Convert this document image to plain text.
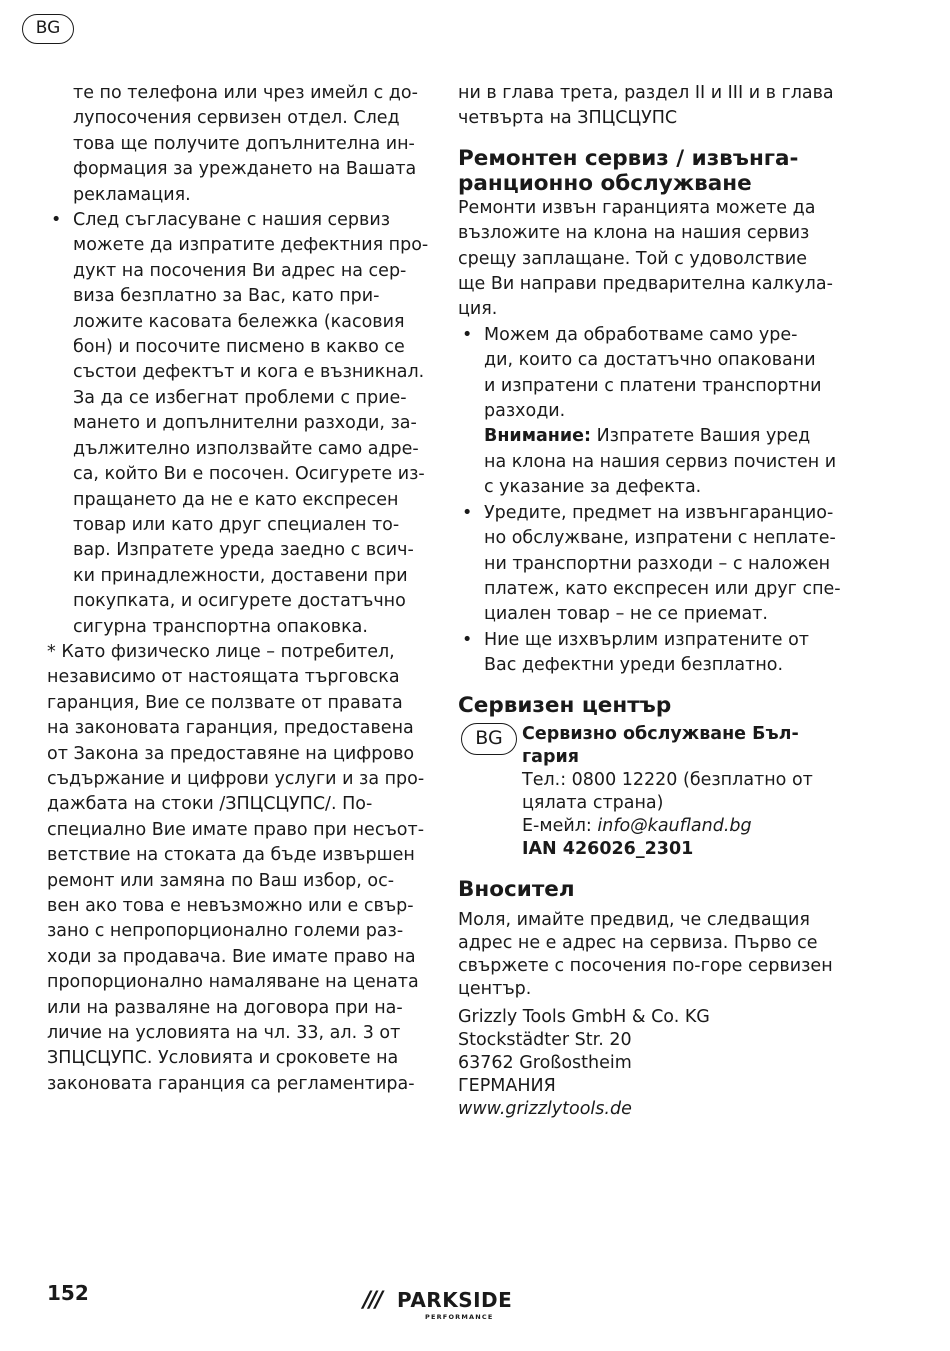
BG

те по телефона или чрез имейл с до-

лупосочения сервизен отдел. След

това ще получите допълнителна ин-

формация за уреждането на Вашата

рекламация.

• След съгласуване с нашия сервиз

можете да изпратите дефектния про-

дукт на посочения Ви адрес на сер-

виза безплатно за Вас, като при-

ложите касовата бележка (касовия

бон) и посочите писмено в какво се

състои дефектът и кога е възникнал.

За да се избегнат проблеми с прие-

мането и допълнителни разходи, за-

дължително използвайте само адре-

са, който Ви е посочен. Осигурете из-

пращането да не е като експресен

товар или като друг специален то-

вар. Изпратете уреда заедно с всич-

ки принадлежности, доставени при

покупката, и осигурете достатъчно

сигурна транспортна опаковка.

* Като физическо лице – потребител,

независимо от настоящата търговска

гаранция, Вие се ползвате от правата

на законовата гаранция, предоставена

от Закона за предоставяне на цифрово

съдържание и цифрови услуги и за про-

дажбата на стоки /ЗПЦСЦУПС/. По-

специално Вие имате право при несъот-

ветствие на стоката да бъде извършен

ремонт или замяна по Ваш избор, ос-

вен ако това е невъзможно или е свър-

зано с непропорционално големи раз-

ходи за продавача. Вие имате право на

пропорционално намаляване на цената

или на разваляне на договора при на-

личие на условията на чл. 33, ал. 3 от

ЗПЦСЦУПС. Условията и сроковете на

законовата гаранция са регламентира-

ни в глава трета, раздел II и III и в глава

четвърта на ЗПЦСЦУПС

Ремонтен сервиз / извънга-
ранционно обслужване

Ремонти извън гаранцията можете да

възложите на клона на нашия сервиз

срещу заплащане. Той с удоволствие

ще Ви направи предварителна калкула-

ция.

• Можем да обработваме само уре-

ди, които са достатъчно опаковани

и изпратени с платени транспортни

разходи.

Внимание: Изпратете Вашия уред

на клона на нашия сервиз почистен и

с указание за дефекта.

• Уредите, предмет на извънгаранцио-

но обслужване, изпратени с неплате-

ни транспортни разходи – с наложен

платеж, като експресен или друг спе-

циален товар – не се приемат.

• Ние ще изхвърлим изпратените от

Вас дефектни уреди безплатно.

Сервизен център
BG	Сервизно обслужване Бъл-

гария

Тел.: 0800 12220 (безплатно от

цялата страна)

E-мейл: info@kaufland.bg

IAN 426026_2301

Вносител

Моля, имайте предвид, че следващия

адрес не е адрес на сервиза. Първо се

свържете с посочения по-горе сервизен

център.

Grizzly Tools GmbH & Co. KG

Stockstädter Str. 20

63762 Großostheim

ГЕРМАНИЯ

www.grizzlytools.de

152	/// PARKSIDE
PERFORMANCE
